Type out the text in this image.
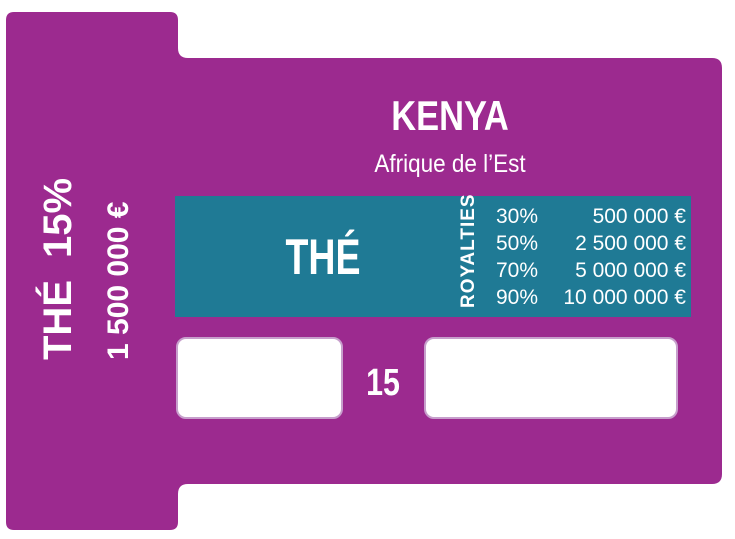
KENYA
Afrique de l’Est
THÉ	ROYALTIES 30%	500 000 €
50% 2 500 000 €
70% 5 000 000 €
90% 10 000 000 €
15
THÉ15% 1 500 000 €
